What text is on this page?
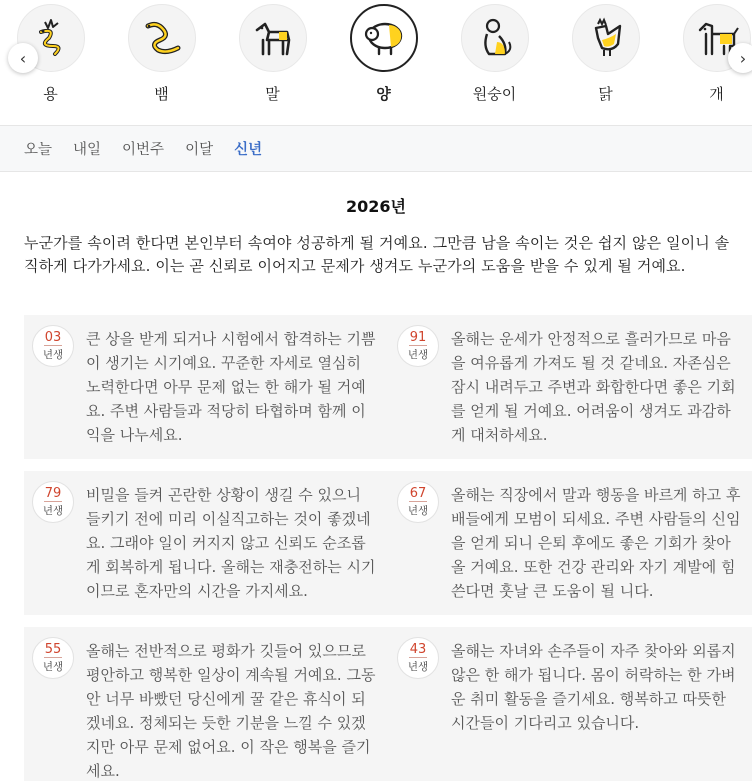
용	뱀	말	양	원숭이	닭	개
‹	›
오늘 내일 이번주 이달 신년
2026년
누군가를 속이려 한다면 본인부터 속여야 성공하게 될 거예요. 그만큼 남을 속이는 것은 쉽지 않은 일이니 솔직하게 다가가세요. 이는 곧 신뢰로 이어지고 문제가 생겨도 누군가의 도움을 받을 수 있게 될 거예요.
03
년생
큰 상을 받게 되거나 시험에서 합격하는 기쁨이 생기는 시기예요. 꾸준한 자세로 열심히 노력한다면 아무 문제 없는 한 해가 될 거예요. 주변 사람들과 적당히 타협하며 함께 이익을 나누세요.
91
년생
올해는 운세가 안정적으로 흘러가므로 마음을 여유롭게 가져도 될 것 같네요. 자존심은 잠시 내려두고 주변과 화합한다면 좋은 기회를 얻게 될 거예요. 어려움이 생겨도 과감하게 대처하세요.
79
년생
비밀을 들켜 곤란한 상황이 생길 수 있으니 들키기 전에 미리 이실직고하는 것이 좋겠네요. 그래야 일이 커지지 않고 신뢰도 순조롭게 회복하게 됩니다. 올해는 재충전하는 시기이므로 혼자만의 시간을 가지세요.
67
년생
올해는 직장에서 말과 행동을 바르게 하고 후배들에게 모범이 되세요. 주변 사람들의 신임을 얻게 되니 은퇴 후에도 좋은 기회가 찾아올 거예요. 또한 건강 관리와 자기 계발에 힘쓴다면 훗날 큰 도움이 될 니다.
55
년생
올해는 전반적으로 평화가 깃들어 있으므로 평안하고 행복한 일상이 계속될 거예요. 그동안 너무 바빴던 당신에게 꿀 같은 휴식이 되겠네요. 정체되는 듯한 기분을 느낄 수 있겠지만 아무 문제 없어요. 이 작은 행복을 즐기세요.
43
년생
올해는 자녀와 손주들이 자주 찾아와 외롭지 않은 한 해가 됩니다. 몸이 허락하는 한 가벼운 취미 활동을 즐기세요. 행복하고 따뜻한 시간들이 기다리고 있습니다.
